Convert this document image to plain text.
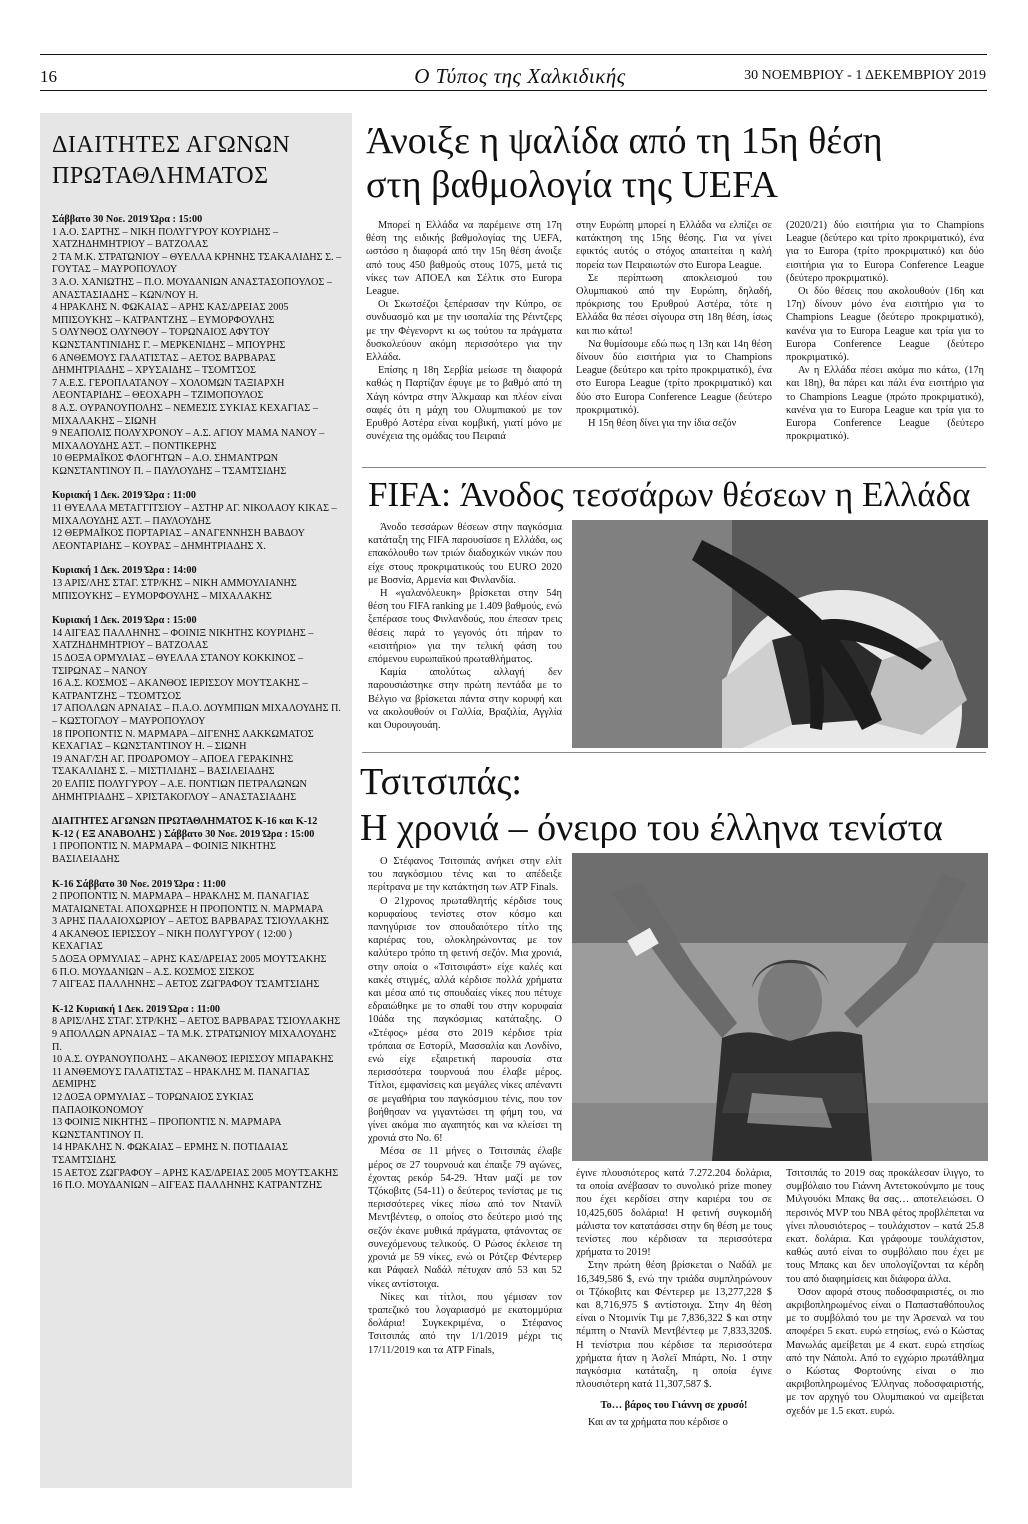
16	Ο Τύπος της Χαλκιδικής	30 ΝΟΕΜΒΡΙΟΥ - 1 ΔΕΚΕΜΒΡΙΟΥ 2019
ΔΙΑΙΤΗΤΕΣ ΑΓΩΝΩΝ ΠΡΩΤΑΘΛΗΜΑΤΟΣ
Σάββατο 30 Νοε. 2019 Ώρα : 15:00
1 Α.Ο. ΣΑΡΤΗΣ – ΝΙΚΗ ΠΟΛΥΓΥΡΟΥ ΚΟΥΡΙΔΗΣ – ΧΑΤΖΗΔΗΜΗΤΡΙΟΥ – ΒΑΤΖΟΛΑΣ
2 ΤΑ Μ.Κ. ΣΤΡΑΤΩΝΙΟΥ – ΘΥΕΛΛΑ ΚΡΗΝΗΣ ΤΣΑΚΑΛΙΔΗΣ Σ. – ΓΟΥΤΑΣ – ΜΑΥΡΟΠΟΥΛΟΥ
3 Α.Ο. ΧΑΝΙΩΤΗΣ – Π.Ο. ΜΟΥΔΑΝΙΩΝ ΑΝΑΣΤΑΣΟΠΟΥΛΟΣ – ΑΝΑΣΤΑΣΙΑΔΗΣ – ΚΩΝ/ΝΟΥ Η.
4 ΗΡΑΚΛΗΣ Ν. ΦΩΚΑΙΑΣ – ΑΡΗΣ ΚΑΣ/ΔΡΕΙΑΣ 2005 ΜΠΙΣΟΥΚΗΣ – ΚΑΤΡΑΝΤΖΗΣ – ΕΥΜΟΡΦΟΥΛΗΣ
5 ΟΛΥΝΘΟΣ ΟΛΥΝΘΟΥ – ΤΟΡΩΝΑΙΟΣ ΑΦΥΤΟΥ ΚΩΝΣΤΑΝΤΙΝΙΔΗΣ Γ. – ΜΕΡΚΕΝΙΔΗΣ – ΜΠΟΥΡΗΣ
6 ΑΝΘΕΜΟΥΣ ΓΑΛΑΤΙΣΤΑΣ – ΑΕΤΟΣ ΒΑΡΒΑΡΑΣ ΔΗΜΗΤΡΙΑΔΗΣ – ΧΡΥΣΑΙΔΗΣ – ΤΣΟΜΤΣΟΣ
7 Α.Ε.Σ. ΓΕΡΟΠΛΑΤΑΝΟΥ – ΧΟΛΟΜΩΝ ΤΑΞΙΑΡΧΗ ΛΕΟΝΤΑΡΙΔΗΣ – ΘΕΟΧΑΡΗ – ΤΖΙΜΟΠΟΥΛΟΣ
8 Α.Σ. ΟΥΡΑΝΟΥΠΟΛΗΣ – ΝΕΜΕΣΙΣ ΣΥΚΙΑΣ ΚΕΧΑΓΙΑΣ – ΜΙΧΑΛΑΚΗΣ – ΣΙΩΝΗ
9 ΝΕΑΠΟΛΙΣ ΠΟΛΥΧΡΟΝΟΥ – Α.Σ. ΑΓΙΟΥ ΜΑΜΑ ΝΑΝΟΥ – ΜΙΧΑΛΟΥΔΗΣ ΑΣΤ. – ΠΟΝΤΙΚΕΡΗΣ
10 ΘΕΡΜΑΪΚΟΣ ΦΛΟΓΗΤΩΝ – Α.Ο. ΣΗΜΑΝΤΡΩΝ ΚΩΝΣΤΑΝΤΙΝΟΥ Π. – ΠΑΥΛΟΥΔΗΣ – ΤΣΑΜΤΣΙΔΗΣ
Κυριακή 1 Δεκ. 2019 Ώρα : 11:00
11 ΘΥΕΛΛΑ ΜΕΤΑΓΓΙΤΣΙΟΥ – ΑΣΤΗΡ ΑΓ. ΝΙΚΟΛΑΟΥ ΚΙΚΑΣ – ΜΙΧΑΛΟΥΔΗΣ ΑΣΤ. – ΠΑΥΛΟΥΔΗΣ
12 ΘΕΡΜΑΪΚΟΣ ΠΟΡΤΑΡΙΑΣ – ΑΝΑΓΕΝΝΗΣΗ ΒΑΒΔΟΥ ΛΕΟΝΤΑΡΙΔΗΣ – ΚΟΥΡΑΣ – ΔΗΜΗΤΡΙΑΔΗΣ Χ.
Κυριακή 1 Δεκ. 2019 Ώρα : 14:00
13 ΑΡΙΣ/ΛΗΣ ΣΤΑΓ. ΣΤΡ/ΚΗΣ – ΝΙΚΗ ΑΜΜΟΥΛΙΑΝΗΣ ΜΠΙΣΟΥΚΗΣ – ΕΥΜΟΡΦΟΥΛΗΣ – ΜΙΧΑΛΑΚΗΣ
Κυριακή 1 Δεκ. 2019 Ώρα : 15:00
14 ΑΙΓΕΑΣ ΠΑΛΛΗΝΗΣ – ΦΟΙΝΙΞ ΝΙΚΗΤΗΣ ΚΟΥΡΙΔΗΣ – ΧΑΤΖΗΔΗΜΗΤΡΙΟΥ – ΒΑΤΖΟΛΑΣ
15 ΔΟΞΑ ΟΡΜΥΛΙΑΣ – ΘΥΕΛΛΑ ΣΤΑΝΟΥ ΚΟΚΚΙΝΟΣ – ΤΣΙΡΩΝΑΣ – ΝΑΝΟΥ
16 Α.Σ. ΚΟΣΜΟΣ – ΑΚΑΝΘΟΣ ΙΕΡΙΣΣΟΥ ΜΟΥΤΣΑΚΗΣ – ΚΑΤΡΑΝΤΖΗΣ – ΤΣΟΜΤΣΟΣ
17 ΑΠΟΛΛΩΝ ΑΡΝΑΙΑΣ – Π.Α.Ο. ΔΟΥΜΠΙΩΝ ΜΙΧΑΛΟΥΔΗΣ Π. – ΚΩΣΤΟΓΛΟΥ – ΜΑΥΡΟΠΟΥΛΟΥ
18 ΠΡΟΠΟΝΤΙΣ Ν. ΜΑΡΜΑΡΑ – ΔΙΓΕΝΗΣ ΛΑΚΚΩΜΑΤΟΣ ΚΕΧΑΓΙΑΣ – ΚΩΝΣΤΑΝΤΙΝΟΥ Η. – ΣΙΩΝΗ
19 ΑΝΑΓ/ΣΗ ΑΓ. ΠΡΟΔΡΟΜΟΥ – ΑΠΟΕΛ ΓΕΡΑΚΙΝΗΣ ΤΣΑΚΑΛΙΔΗΣ Σ. – ΜΙΣΤΙΛΙΔΗΣ – ΒΑΣΙΛΕΙΑΔΗΣ
20 ΕΛΠΙΣ ΠΟΛΥΓΥΡΟΥ – Α.Ε. ΠΟΝΤΙΩΝ ΠΕΤΡΑΛΩΝΩΝ ΔΗΜΗΤΡΙΑΔΗΣ – ΧΡΙΣΤΑΚΟΓΛΟΥ – ΑΝΑΣΤΑΣΙΑΔΗΣ
ΔΙΑΙΤΗΤΕΣ ΑΓΩΝΩΝ ΠΡΩΤΑΘΛΗΜΑΤΟΣ Κ-16 και Κ-12
Κ-12 ( ΕΞ ΑΝΑΒΟΛΗΣ ) Σάββατο 30 Νοε. 2019 Ώρα : 15:00
1 ΠΡΟΠΟΝΤΙΣ Ν. ΜΑΡΜΑΡΑ – ΦΟΙΝΙΞ ΝΙΚΗΤΗΣ ΒΑΣΙΛΕΙΑΔΗΣ
Κ-16 Σάββατο 30 Νοε. 2019 Ώρα : 11:00
2 ΠΡΟΠΟΝΤΙΣ Ν. ΜΑΡΜΑΡΑ – ΗΡΑΚΛΗΣ Μ. ΠΑΝΑΓΙΑΣ ΜΑΤΑΙΩΝΕΤΑΙ. ΑΠΟΧΩΡΗΣΕ Η ΠΡΟΠΟΝΤΙΣ Ν. ΜΑΡΜΑΡΑ
3 ΑΡΗΣ ΠΑΛΑΙΟΧΩΡΙΟΥ – ΑΕΤΟΣ ΒΑΡΒΑΡΑΣ ΤΣΙΟΥΛΑΚΗΣ
4 ΑΚΑΝΘΟΣ ΙΕΡΙΣΣΟΥ – ΝΙΚΗ ΠΟΛΥΓΥΡΟΥ ( 12:00 ) ΚΕΧΑΓΙΑΣ
5 ΔΟΞΑ ΟΡΜΥΛΙΑΣ – ΑΡΗΣ ΚΑΣ/ΔΡΕΙΑΣ 2005 ΜΟΥΤΣΑΚΗΣ
6 Π.Ο. ΜΟΥΔΑΝΙΩΝ – Α.Σ. ΚΟΣΜΟΣ ΣΙΣΚΟΣ
7 ΑΙΓΕΑΣ ΠΑΛΛΗΝΗΣ – ΑΕΤΟΣ ΖΩΓΡΑΦΟΥ ΤΣΑΜΤΣΙΔΗΣ
Κ-12 Κυριακή 1 Δεκ. 2019 Ώρα : 11:00
8 ΑΡΙΣ/ΛΗΣ ΣΤΑΓ. ΣΤΡ/ΚΗΣ – ΑΕΤΟΣ ΒΑΡΒΑΡΑΣ ΤΣΙΟΥΛΑΚΗΣ
9 ΑΠΟΛΛΩΝ ΑΡΝΑΙΑΣ – ΤΑ Μ.Κ. ΣΤΡΑΤΩΝΙΟΥ ΜΙΧΑΛΟΥΔΗΣ Π.
10 Α.Σ. ΟΥΡΑΝΟΥΠΟΛΗΣ – ΑΚΑΝΘΟΣ ΙΕΡΙΣΣΟΥ ΜΠΑΡΑΚΗΣ
11 ΑΝΘΕΜΟΥΣ ΓΑΛΑΤΙΣΤΑΣ – ΗΡΑΚΛΗΣ Μ. ΠΑΝΑΓΙΑΣ ΔΕΜΙΡΗΣ
12 ΔΟΞΑ ΟΡΜΥΛΙΑΣ – ΤΟΡΩΝΑΙΟΣ ΣΥΚΙΑΣ ΠΑΠΑΟΙΚΟΝΟΜΟΥ
13 ΦΟΙΝΙΞ ΝΙΚΗΤΗΣ – ΠΡΟΠΟΝΤΙΣ Ν. ΜΑΡΜΑΡΑ ΚΩΝΣΤΑΝΤΙΝΟΥ Π.
14 ΗΡΑΚΛΗΣ Ν. ΦΩΚΑΙΑΣ – ΕΡΜΗΣ Ν. ΠΟΤΙΔΑΙΑΣ ΤΣΑΜΤΣΙΔΗΣ
15 ΑΕΤΟΣ ΖΩΓΡΑΦΟΥ – ΑΡΗΣ ΚΑΣ/ΔΡΕΙΑΣ 2005 ΜΟΥΤΣΑΚΗΣ
16 Π.Ο. ΜΟΥΔΑΝΙΩΝ – ΑΙΓΕΑΣ ΠΑΛΛΗΝΗΣ ΚΑΤΡΑΝΤΖΗΣ
Άνοιξε η ψαλίδα από τη 15η θέση
στη βαθμολογία της UEFA

Μπορεί η Ελλάδα να παρέμεινε στη 17η θέση της ειδικής βαθμολογίας της UEFA, ωστόσο η διαφορά από την 15η θέση άνοιξε από τους 450 βαθμούς στους 1075, μετά τις νίκες των ΑΠΟΕΛ και Σέλτικ στο Europa League.

Οι Σκωτσέζοι ξεπέρασαν την Κύπρο, σε συνδυασμό και με την ισοπαλία της Ρέιντζερς με την Φέγενορντ κι ως τούτου τα πράγματα δυσκολεύουν ακόμη περισσότερο για την Ελλάδα.

Επίσης η 18η Σερβία μείωσε τη διαφορά καθώς η Παρτίζαν έφυγε με το βαθμό από τη Χάγη κόντρα στην Άλκμααρ και πλέον είναι σαφές ότι η μάχη του Ολυμπιακού με τον Ερυθρό Αστέρα είναι κομβική, γιατί μόνο με συνέχεια της ομάδας του Πειραιά

στην Ευρώπη μπορεί η Ελλάδα να ελπίζει σε κατάκτηση της 15ης θέσης. Για να γίνει εφικτός αυτός ο στόχος απαιτείται η καλή πορεία των Πειραιωτών στο Europa League.

Σε περίπτωση αποκλεισμού του Ολυμπιακού από την Ευρώπη, δηλαδή, πρόκρισης του Ερυθρού Αστέρα, τότε η Ελλάδα θα πέσει σίγουρα στη 18η θέση, ίσως και πιο κάτω!

Να θυμίσουμε εδώ πως η 13η και 14η θέση δίνουν δύο εισιτήρια για το Champions League (δεύτερο και τρίτο προκριματικό), ένα στο Europa League (τρίτο προκριματικό) και δύο στο Europa Conference League (δεύτερο προκριματικό).

Η 15η θέση δίνει για την ίδια σεζόν

(2020/21) δύο εισιτήρια για το Champions League (δεύτερο και τρίτο προκριματικό), ένα για το Europa (τρίτο προκριματικό) και δύο εισιτήρια για το Europa Conference League (δεύτερο προκριματικό).

Οι δύο θέσεις που ακολουθούν (16η και 17η) δίνουν μόνο ένα εισιτήριο για το Champions League (δεύτερο προκριματικό), κανένα για το Europa League και τρία για το Europa Conference League (δεύτερο προκριματικό).

Αν η Ελλάδα πέσει ακόμα πιο κάτω, (17η και 18η), θα πάρει και πάλι ένα εισιτήριο για το Champions League (πρώτο προκριματικό), κανένα για το Europa League και τρία για το Europa Conference League (δεύτερο προκριματικό).

FIFA: Άνοδος τεσσάρων θέσεων η Ελλάδα

Άνοδο τεσσάρων θέσεων στην παγκόσμια κατάταξη της FIFA παρουσίασε η Ελλάδα, ως επακόλουθο των τριών διαδοχικών νικών που είχε στους προκριματικούς του EURO 2020 με Βοσνία, Αρμενία και Φινλανδία.

Η «γαλανόλευκη» βρίσκεται στην 54η θέση του FIFA ranking με 1.409 βαθμούς, ενώ ξεπέρασε τους Φινλανδούς, που έπεσαν τρεις θέσεις παρά το γεγονός ότι πήραν το «εισιτήριο» για την τελική φάση του επόμενου ευρωπαϊκού πρωταθλήματος.

Καμία απολύτως αλλαγή δεν παρουσιάστηκε στην πρώτη πεντάδα με το Βέλγιο να βρίσκεται πάντα στην κορυφή και να ακολουθούν οι Γαλλία, Βραζιλία, Αγγλία και Ουρουγουάη.

Τσιτσιπάς:
Η χρονιά – όνειρο του έλληνα τενίστα

Ο Στέφανος Τσιτσιπάς ανήκει στην ελίτ του παγκόσμιου τένις και το απέδειξε περίτρανα με την κατάκτηση των ATP Finals.

Ο 21χρονος πρωταθλητής κέρδισε τους κορυφαίους τενίστες στον κόσμο και πανηγύρισε τον σπουδαιότερο τίτλο της καριέρας του, ολοκληρώνοντας με τον καλύτερο τρόπο τη φετινή σεζόν. Μια χρονιά, στην οποία ο «Τσιτσιφάστ» είχε καλές και κακές στιγμές, αλλά κέρδισε πολλά χρήματα και μέσα από τις σπουδαίες νίκες που πέτυχε εδραιώθηκε με το σπαθί του στην κορυφαία 10άδα της παγκόσμιας κατάταξης. Ο «Στέφος» μέσα στο 2019 κέρδισε τρία τρόπαια σε Εστορίλ, Μασσαλία και Λονδίνο, ενώ είχε εξαιρετική παρουσία στα περισσότερα τουρνουά που έλαβε μέρος. Τίτλοι, εμφανίσεις και μεγάλες νίκες απέναντι σε μεγαθήρια του παγκόσμιου τένις, που τον βοήθησαν να γιγαντώσει τη φήμη του, να γίνει ακόμα πιο αγαπητός και να κλείσει τη χρονιά στο Νο. 6!

Μέσα σε 11 μήνες ο Τσιτσιπάς έλαβε μέρος σε 27 τουρνουά και έπαιξε 79 αγώνες, έχοντας ρεκόρ 54-29. Ήταν μαζί με τον Τζόκοβιτς (54-11) ο δεύτερος τενίστας με τις περισσότερες νίκες πίσω από τον Ντανίλ Μεντβέντεφ, ο οποίος στο δεύτερο μισό της σεζόν έκανε μυθικά πράγματα, φτάνοντας σε συνεχόμενους τελικούς. Ο Ρώσος έκλεισε τη χρονιά με 59 νίκες, ενώ οι Ρότζερ Φέντερερ και Ράφαελ Ναδάλ πέτυχαν από 53 και 52 νίκες αντίστοιχα.

Νίκες και τίτλοι, που γέμισαν τον τραπεζικό του λογαριασμό με εκατομμύρια δολάρια! Συγκεκριμένα, ο Στέφανος Τσιτσιπάς από την 1/1/2019 μέχρι τις 17/11/2019 και τα ATP Finals,

έγινε πλουσιότερος κατά 7.272.204 δολάρια, τα οποία ανέβασαν το συνολικό prize money που έχει κερδίσει στην καριέρα του σε 10,425,605 δολάρια! Η φετινή συγκομιδή μάλιστα τον κατατάσσει στην 6η θέση με τους τενίστες που κέρδισαν τα περισσότερα χρήματα το 2019!

Στην πρώτη θέση βρίσκεται ο Ναδάλ με 16,349,586 $, ενώ την τριάδα συμπληρώνουν οι Τζόκοβιτς και Φέντερερ με 13,277,228 $ και 8,716,975 $ αντίστοιχα. Στην 4η θέση είναι ο Ντομινίκ Τιμ με 7,836,322 $ και στην πέμπτη ο Ντανίλ Μεντβέντεφ με 7,833,320$. Η τενίστρια που κέρδισε τα περισσότερα χρήματα ήταν η Άσλεϊ Μπάρτι, Νο. 1 στην παγκόσμια κατάταξη, η οποία έγινε πλουσιότερη κατά 11,307,587 $.

Το… βάρος του Γιάννη σε χρυσό!

Και αν τα χρήματα που κέρδισε ο

Τσιτσιπάς το 2019 σας προκάλεσαν ίλιγγο, το συμβόλαιο του Γιάννη Αντετοκούνμπο με τους Μιλγουόκι Μπακς θα σας… αποτελειώσει. Ο περσινός MVP του NBA φέτος προβλέπεται να γίνει πλουσιότερος – τουλάχιστον – κατά 25.8 εκατ. δολάρια. Και γράφουμε τουλάχιστον, καθώς αυτό είναι το συμβόλαιο που έχει με τους Μπακς και δεν υπολογίζονται τα κέρδη του από διαφημίσεις και διάφορα άλλα.

Όσον αφορά στους ποδοσφαιριστές, οι πιο ακριβοπληρωμένος είναι ο Παπασταθόπουλος με το συμβόλαιό του με την Άρσεναλ να του αποφέρει 5 εκατ. ευρώ ετησίως, ενώ ο Κώστας Μανωλάς αμείβεται με 4 εκατ. ευρώ ετησίως από την Νάπολι. Από το εγχώριο πρωτάθλημα ο Κώστας Φορτούνης είναι ο πιο ακριβοπληρωμένος Έλληνας ποδοσφαιριστής, με τον αρχηγό του Ολυμπιακού να αμείβεται σχεδόν με 1.5 εκατ. ευρώ.
